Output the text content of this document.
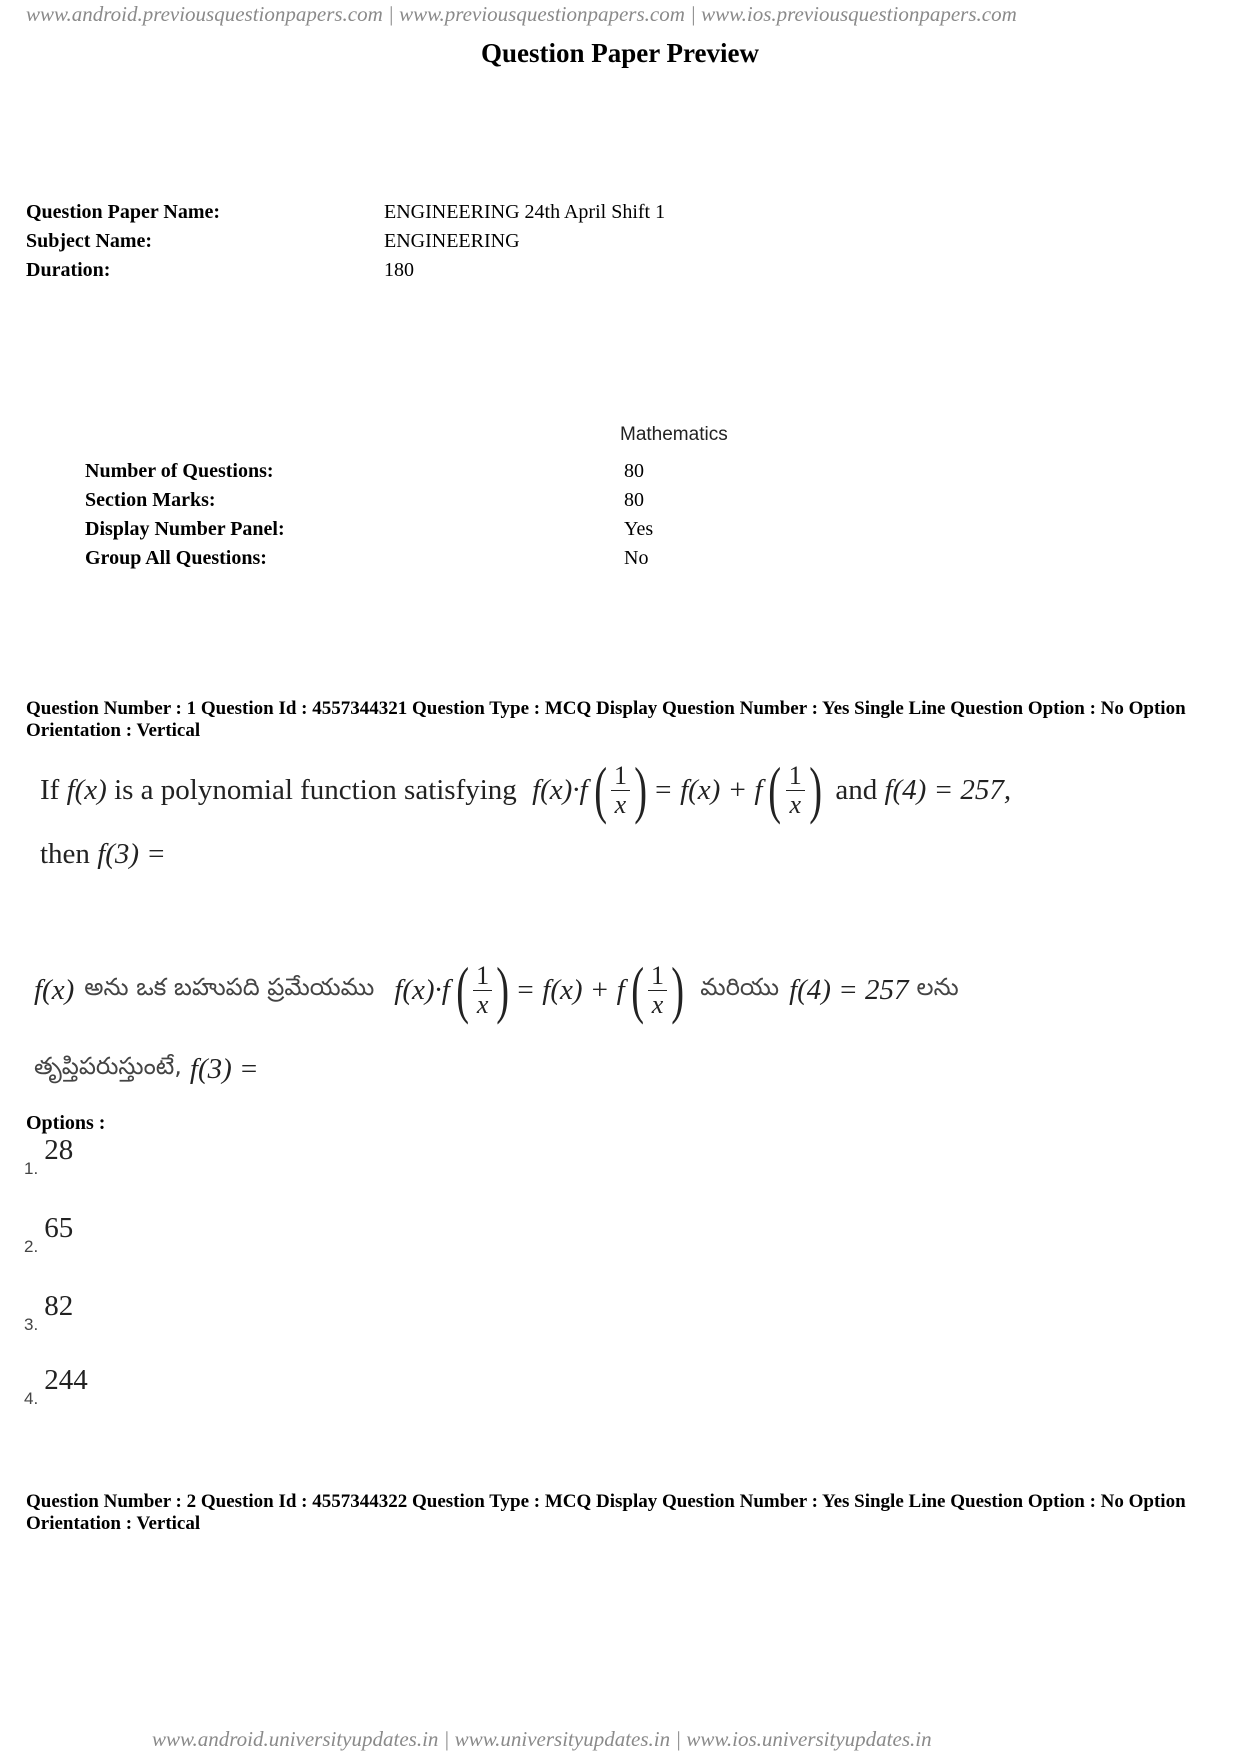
www.android.previousquestionpapers.com | www.previousquestionpapers.com | www.ios.previousquestionpapers.com
Question Paper Preview
Question Paper Name:	ENGINEERING 24th April Shift 1
Subject Name:	ENGINEERING
Duration:	180
Mathematics
Number of Questions:	80
Section Marks:	80
Display Number Panel:	Yes
Group All Questions:	No
Question Number : 1 Question Id : 4557344321 Question Type : MCQ Display Question Number : Yes Single Line Question Option : No Option Orientation : Vertical
If f(x) is a polynomial function satisfying f(x)·f ( $\frac{1}{x}$ ) = f(x) + f ( $\frac{1}{x}$ ) and f(4) = 257,
then f(3) =
f(x) అను ఒక బహుపది ప్రమేయము f(x)·f ( $\frac{1}{x}$ ) = f(x) + f ( $\frac{1}{x}$ ) మరియు f(4) = 257 లను
తృప్తిపరుస్తుంటే, f(3) =
Options :
1.
28
2.
65
3.
82
4.
244
Question Number : 2 Question Id : 4557344322 Question Type : MCQ Display Question Number : Yes Single Line Question Option : No Option Orientation : Vertical
www.android.universityupdates.in | www.universityupdates.in | www.ios.universityupdates.in
